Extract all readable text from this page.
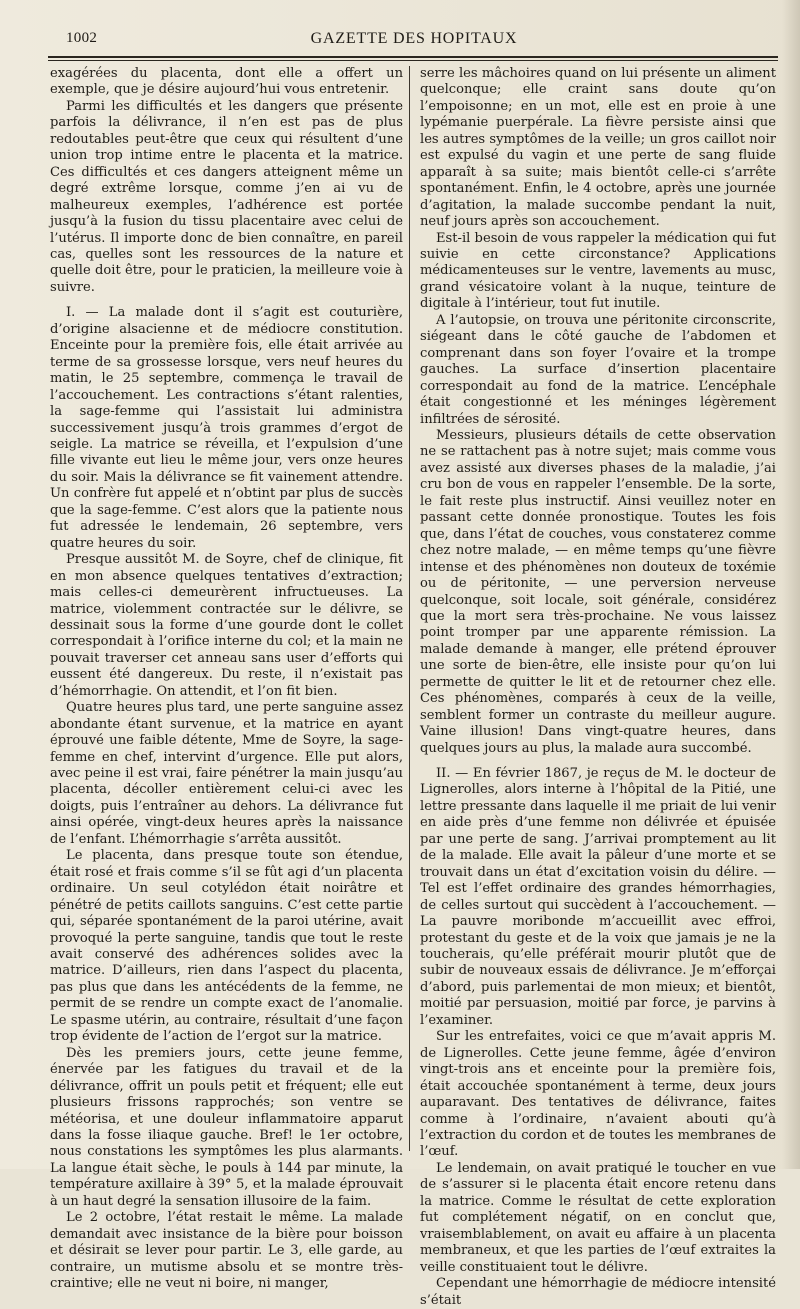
1002	GAZETTE DES HOPITAUX

exagérées du placenta, dont elle a offert un exemple, que je désire aujourd’hui vous entretenir.

Parmi les difficultés et les dangers que présente parfois la délivrance, il n’en est pas de plus redoutables peut-être que ceux qui résultent d’une union trop intime entre le placenta et la matrice. Ces difficultés et ces dangers atteignent même un degré extrême lorsque, comme j’en ai vu de malheureux exemples, l’adhérence est portée jusqu’à la fusion du tissu placentaire avec celui de l’utérus. Il importe donc de bien connaître, en pareil cas, quelles sont les ressources de la nature et quelle doit être, pour le praticien, la meilleure voie à suivre.

I. — La malade dont il s’agit est couturière, d’origine alsacienne et de médiocre constitution. Enceinte pour la première fois, elle était arrivée au terme de sa grossesse lorsque, vers neuf heures du matin, le 25 septembre, commença le travail de l’accouchement. Les contractions s’étant ralenties, la sage-femme qui l’assistait lui administra successivement jusqu’à trois grammes d’ergot de seigle. La matrice se réveilla, et l’expulsion d’une fille vivante eut lieu le même jour, vers onze heures du soir. Mais la délivrance se fit vainement attendre. Un confrère fut appelé et n’obtint par plus de succès que la sage-femme. C’est alors que la patiente nous fut adressée le lendemain, 26 septembre, vers quatre heures du soir.

Presque aussitôt M. de Soyre, chef de clinique, fit en mon absence quelques tentatives d’extraction; mais celles-ci demeurèrent infructueuses. La matrice, violemment contractée sur le délivre, se dessinait sous la forme d’une gourde dont le collet correspondait à l’orifice interne du col; et la main ne pouvait traverser cet anneau sans user d’efforts qui eussent été dangereux. Du reste, il n’existait pas d’hémorrhagie. On attendit, et l’on fit bien.

Quatre heures plus tard, une perte sanguine assez abondante étant survenue, et la matrice en ayant éprouvé une faible détente, Mme de Soyre, la sage-femme en chef, intervint d’urgence. Elle put alors, avec peine il est vrai, faire pénétrer la main jusqu’au placenta, décoller entièrement celui-ci avec les doigts, puis l’entraîner au dehors. La délivrance fut ainsi opérée, vingt-deux heures après la naissance de l’enfant. L’hémorrhagie s’arrêta aussitôt.

Le placenta, dans presque toute son étendue, était rosé et frais comme s’il se fût agi d’un placenta ordinaire. Un seul cotylédon était noirâtre et pénétré de petits caillots sanguins. C’est cette partie qui, séparée spontanément de la paroi utérine, avait provoqué la perte sanguine, tandis que tout le reste avait conservé des adhérences solides avec la matrice. D’ailleurs, rien dans l’aspect du placenta, pas plus que dans les antécédents de la femme, ne permit de se rendre un compte exact de l’anomalie. Le spasme utérin, au contraire, résultait d’une façon trop évidente de l’action de l’ergot sur la matrice.

Dès les premiers jours, cette jeune femme, énervée par les fatigues du travail et de la délivrance, offrit un pouls petit et fréquent; elle eut plusieurs frissons rapprochés; son ventre se météorisa, et une douleur inflammatoire apparut dans la fosse iliaque gauche. Bref! le 1er octobre, nous constations les symptômes les plus alarmants. La langue était sèche, le pouls à 144 par minute, la température axillaire à 39° 5, et la malade éprouvait à un haut degré la sensation illusoire de la faim.

Le 2 octobre, l’état restait le même. La malade demandait avec insistance de la bière pour boisson et désirait se lever pour partir. Le 3, elle garde, au contraire, un mutisme absolu et se montre très-craintive; elle ne veut ni boire, ni manger,

serre les mâchoires quand on lui présente un aliment quelconque; elle craint sans doute qu’on l’empoisonne; en un mot, elle est en proie à une lypémanie puerpérale. La fièvre persiste ainsi que les autres symptômes de la veille; un gros caillot noir est expulsé du vagin et une perte de sang fluide apparaît à sa suite; mais bientôt celle-ci s’arrête spontanément. Enfin, le 4 octobre, après une journée d’agitation, la malade succombe pendant la nuit, neuf jours après son accouchement.

Est-il besoin de vous rappeler la médication qui fut suivie en cette circonstance? Applications médicamenteuses sur le ventre, lavements au musc, grand vésicatoire volant à la nuque, teinture de digitale à l’intérieur, tout fut inutile.

A l’autopsie, on trouva une péritonite circonscrite, siégeant dans le côté gauche de l’abdomen et comprenant dans son foyer l’ovaire et la trompe gauches. La surface d’insertion placentaire correspondait au fond de la matrice. L’encéphale était congestionné et les méninges légèrement infiltrées de sérosité.

Messieurs, plusieurs détails de cette observation ne se rattachent pas à notre sujet; mais comme vous avez assisté aux diverses phases de la maladie, j’ai cru bon de vous en rappeler l’ensemble. De la sorte, le fait reste plus instructif. Ainsi veuillez noter en passant cette donnée pronostique. Toutes les fois que, dans l’état de couches, vous constaterez comme chez notre malade, — en même temps qu’une fièvre intense et des phénomènes non douteux de toxémie ou de péritonite, — une perversion nerveuse quelconque, soit locale, soit générale, considérez que la mort sera très-prochaine. Ne vous laissez point tromper par une apparente rémission. La malade demande à manger, elle prétend éprouver une sorte de bien-être, elle insiste pour qu’on lui permette de quitter le lit et de retourner chez elle. Ces phénomènes, comparés à ceux de la veille, semblent former un contraste du meilleur augure. Vaine illusion! Dans vingt-quatre heures, dans quelques jours au plus, la malade aura succombé.

II. — En février 1867, je reçus de M. le docteur de Lignerolles, alors interne à l’hôpital de la Pitié, une lettre pressante dans laquelle il me priait de lui venir en aide près d’une femme non délivrée et épuisée par une perte de sang. J’arrivai promptement au lit de la malade. Elle avait la pâleur d’une morte et se trouvait dans un état d’excitation voisin du délire. — Tel est l’effet ordinaire des grandes hémorrhagies, de celles surtout qui succèdent à l’accouchement. — La pauvre moribonde m’accueillit avec effroi, protestant du geste et de la voix que jamais je ne la toucherais, qu’elle préférait mourir plutôt que de subir de nouveaux essais de délivrance. Je m’efforçai d’abord, puis parlementai de mon mieux; et bientôt, moitié par persuasion, moitié par force, je parvins à l’examiner.

Sur les entrefaites, voici ce que m’avait appris M. de Lignerolles. Cette jeune femme, âgée d’environ vingt-trois ans et enceinte pour la première fois, était accouchée spontanément à terme, deux jours auparavant. Des tentatives de délivrance, faites comme à l’ordinaire, n’avaient abouti qu’à l’extraction du cordon et de toutes les membranes de l’œuf.

Le lendemain, on avait pratiqué le toucher en vue de s’assurer si le placenta était encore retenu dans la matrice. Comme le résultat de cette exploration fut complétement négatif, on en conclut que, vraisemblablement, on avait eu affaire à un placenta membraneux, et que les parties de l’œuf extraites la veille constituaient tout le délivre.

Cependant une hémorrhagie de médiocre intensité s’était
